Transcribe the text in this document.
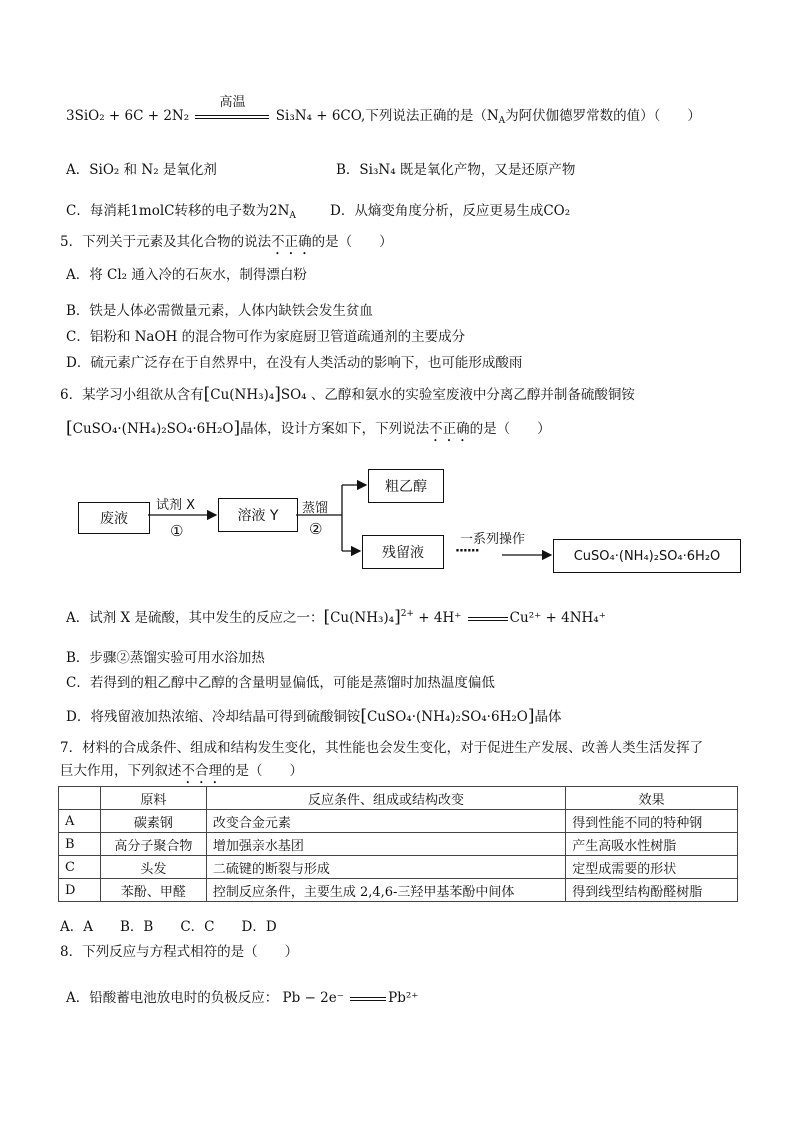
3SiO₂ + 6C + 2N₂
高温
Si₃N₄ + 6CO,下列说法正确的是（$N_A$为阿伏伽德罗常数的值）（　　）
A．SiO₂ 和 N₂ 是氧化剂	B．Si₃N₄ 既是氧化产物，又是还原产物
C．每消耗1molC转移的电子数为$2N_A$	D．从熵变角度分析，反应更易生成CO₂
5．下列关于元素及其化合物的说法不正确的是（　　）
A．将 Cl₂ 通入冷的石灰水，制得漂白粉
B．铁是人体必需微量元素，人体内缺铁会发生贫血
C．铝粉和 NaOH 的混合物可作为家庭厨卫管道疏通剂的主要成分
D．硫元素广泛存在于自然界中，在没有人类活动的影响下，也可能形成酸雨
6．某学习小组欲从含有[Cu(NH₃)₄]SO₄ 、乙醇和氨水的实验室废液中分离乙醇并制备硫酸铜铵
[CuSO₄·(NH₄)₂SO₄·6H₂O]晶体，设计方案如下，下列说法不正确的是（　　）
废液	溶液 Y
粗乙醇
残留液	CuSO₄·(NH₄)₂SO₄·6H₂O
试剂 X
①
蒸馏
②
一系列操作
······
A．试剂 X 是硫酸，其中发生的反应之一：$[Cu(NH_3)_4]^{2+} + 4H^+$	Cu²⁺ + 4NH₄⁺
B．步骤②蒸馏实验可用水浴加热
C．若得到的粗乙醇中乙醇的含量明显偏低，可能是蒸馏时加热温度偏低
D．将残留液加热浓缩、冷却结晶可得到硫酸铜铵[CuSO₄·(NH₄)₂SO₄·6H₂O]晶体
7．材料的合成条件、组成和结构发生变化，其性能也会发生变化，对于促进生产发展、改善人类生活发挥了
巨大作用，下列叙述不合理的是（　　）
	原料	反应条件、组成或结构改变	效果
A	碳素钢	改变合金元素	得到性能不同的特种钢
B	高分子聚合物	增加强亲水基团	产生高吸水性树脂
C	头发	二硫键的断裂与形成	定型成需要的形状
D	苯酚、甲醛	控制反应条件，主要生成 2,4,6-三羟甲基苯酚中间体	得到线型结构酚醛树脂
A．A　　B．B　　C．C　　D．D
8．下列反应与方程式相符的是（　　）
A．铅酸蓄电池放电时的负极反应： Pb − 2e⁻	Pb²⁺
